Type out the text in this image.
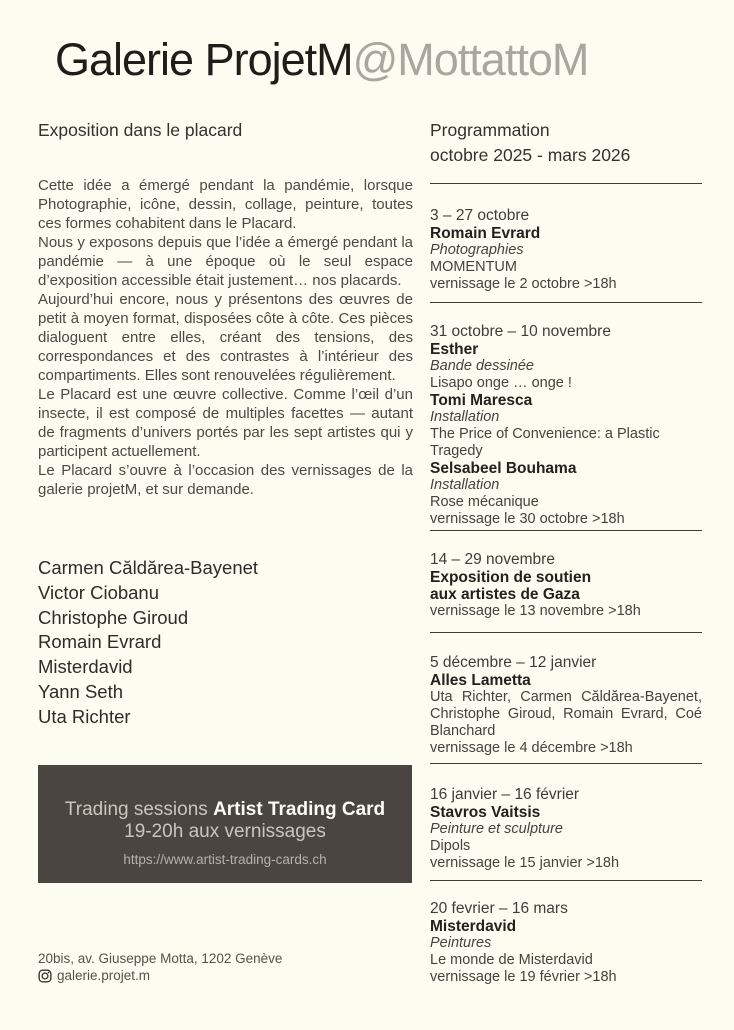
Galerie ProjetM@MottattoM
Exposition dans le placard

Cette idée a émergé pendant la pandémie, lorsque Photographie, icône, dessin, collage, peinture, toutes ces formes cohabitent dans le Placard.

Nous y exposons depuis que l’idée a émergé pendant la pandémie — à une époque où le seul espace d’exposition accessible était justement… nos placards.

Aujourd’hui encore, nous y présentons des œuvres de petit à moyen format, disposées côte à côte. Ces pièces dialoguent entre elles, créant des tensions, des correspondances et des contrastes à l’intérieur des compartiments. Elles sont renouvelées régulièrement.

Le Placard est une œuvre collective. Comme l’œil d’un insecte, il est composé de multiples facettes — autant de fragments d’univers portés par les sept artistes qui y participent actuellement.

Le Placard s’ouvre à l’occasion des vernissages de la galerie projetM, et sur demande.

Carmen Căldărea-Bayenet
Victor Ciobanu
Christophe Giroud
Romain Evrard
Misterdavid
Yann Seth
Uta Richter
Trading sessions Artist Trading Card
19-20h aux vernissages
https://www.artist-trading-cards.ch
20bis, av. Giuseppe Motta, 1202 Genève
galerie.projet.m
Programmation
octobre 2025 - mars 2026
3 – 27 octobre
Romain Evrard
Photographies
MOMENTUM
vernissage le 2 octobre >18h
31 octobre – 10 novembre
Esther
Bande dessinée
Lisapo onge … onge !
Tomi Maresca
Installation
The Price of Convenience: a Plastic Tragedy
Selsabeel Bouhama
Installation
Rose mécanique
vernissage le 30 octobre >18h
14 – 29 novembre
Exposition de soutien
aux artistes de Gaza
vernissage le 13 novembre >18h
5 décembre – 12 janvier
Alles Lametta
Uta Richter, Carmen Căldărea-Bayenet, Christophe Giroud, Romain Evrard, Coé Blanchard
vernissage le 4 décembre >18h
16 janvier – 16 février
Stavros Vaitsis
Peinture et sculpture
Dipols
vernissage le 15 janvier >18h
20 fevrier – 16 mars
Misterdavid
Peintures
Le monde de Misterdavid
vernissage le 19 février >18h
